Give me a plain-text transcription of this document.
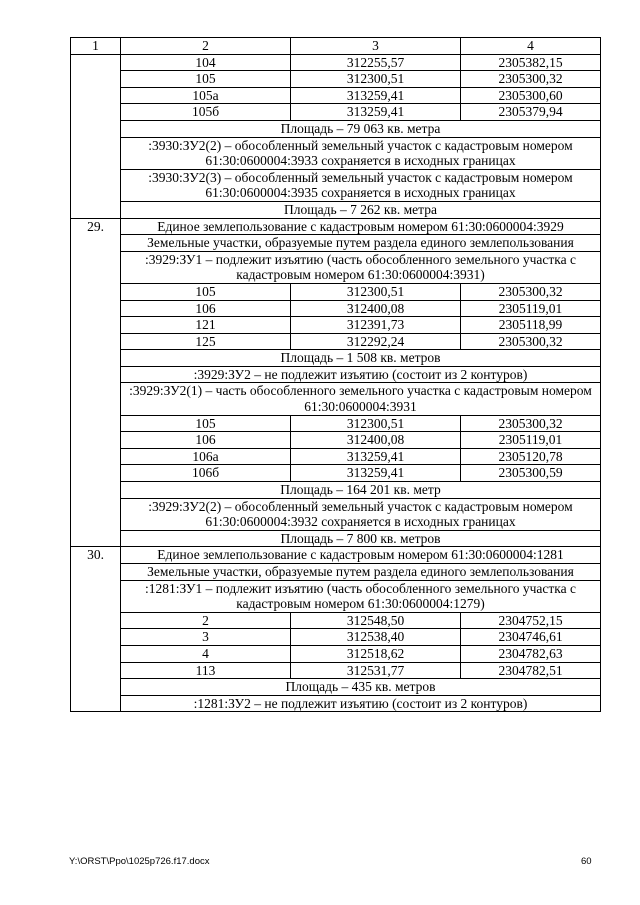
1	2	3	4
	104	312255,57	2305382,15
	105	312300,51	2305300,32
	105а	313259,41	2305300,60
	105б	313259,41	2305379,94
	Площадь – 79 063 кв. метра		
	:3930:ЗУ2(2) – обособленный земельный участок с кадастровым номером 61:30:0600004:3933 сохраняется в исходных границах		
	:3930:ЗУ2(3) – обособленный земельный участок с кадастровым номером 61:30:0600004:3935 сохраняется в исходных границах		
	Площадь – 7 262 кв. метра		
29.	Единое землепользование с кадастровым номером 61:30:0600004:3929		
	Земельные участки, образуемые путем раздела единого землепользования		
	:3929:ЗУ1 – подлежит изъятию (часть обособленного земельного участка с кадастровым номером 61:30:0600004:3931)		
	105	312300,51	2305300,32
	106	312400,08	2305119,01
	121	312391,73	2305118,99
	125	312292,24	2305300,32
	Площадь – 1 508 кв. метров		
	:3929:ЗУ2 – не подлежит изъятию (состоит из 2 контуров)		
	:3929:ЗУ2(1) – часть обособленного земельного участка с кадастровым номером 61:30:0600004:3931		
	105	312300,51	2305300,32
	106	312400,08	2305119,01
	106а	313259,41	2305120,78
	106б	313259,41	2305300,59
	Площадь – 164 201 кв. метр		
	:3929:ЗУ2(2) – обособленный земельный участок с кадастровым номером 61:30:0600004:3932 сохраняется в исходных границах		
	Площадь – 7 800 кв. метров		
30.	Единое землепользование с кадастровым номером 61:30:0600004:1281		
	Земельные участки, образуемые путем раздела единого землепользования		
	:1281:ЗУ1 – подлежит изъятию (часть обособленного земельного участка с кадастровым номером 61:30:0600004:1279)		
	2	312548,50	2304752,15
	3	312538,40	2304746,61
	4	312518,62	2304782,63
	113	312531,77	2304782,51
	Площадь – 435 кв. метров		
	:1281:ЗУ2 – не подлежит изъятию (состоит из 2 контуров)		
Y:\ORST\Ppo\1025p726.f17.docx	60
